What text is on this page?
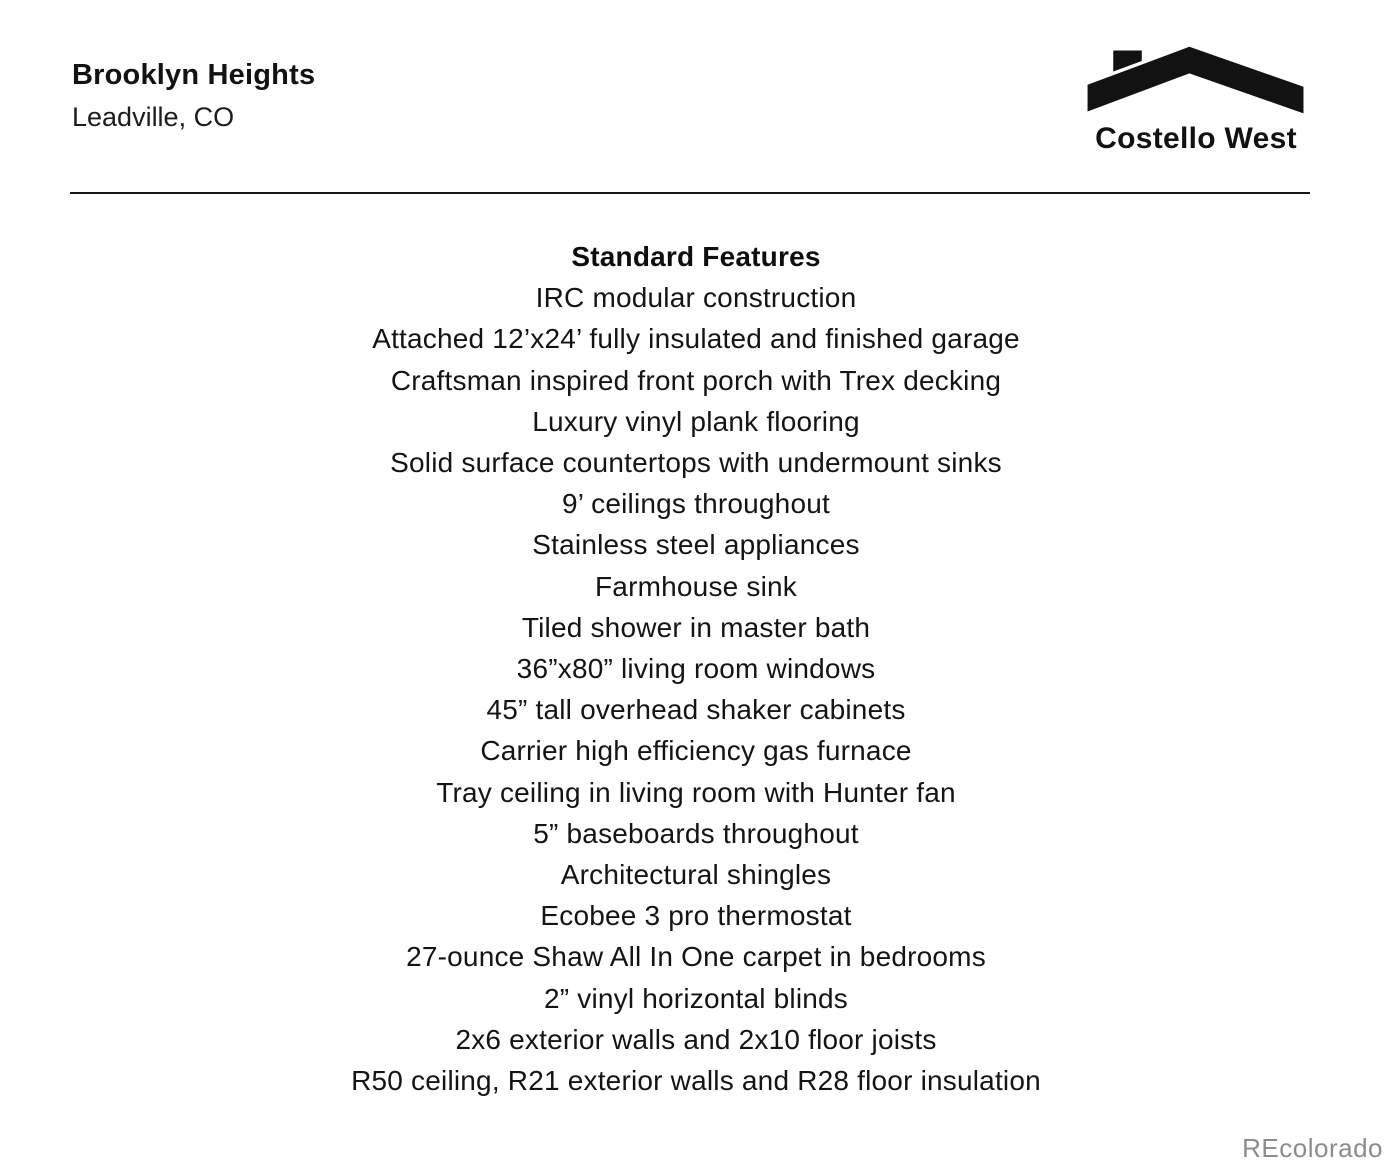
Brooklyn Heights
Leadville, CO
Costello West
Standard Features
IRC modular construction
Attached 12’x24’ fully insulated and finished garage
Craftsman inspired front porch with Trex decking
Luxury vinyl plank flooring
Solid surface countertops with undermount sinks
9’ ceilings throughout
Stainless steel appliances
Farmhouse sink
Tiled shower in master bath
36”x80” living room windows
45” tall overhead shaker cabinets
Carrier high efficiency gas furnace
Tray ceiling in living room with Hunter fan
5” baseboards throughout
Architectural shingles
Ecobee 3 pro thermostat
27-ounce Shaw All In One carpet in bedrooms
2” vinyl horizontal blinds
2x6 exterior walls and 2x10 floor joists
R50 ceiling, R21 exterior walls and R28 floor insulation
REcolorado
